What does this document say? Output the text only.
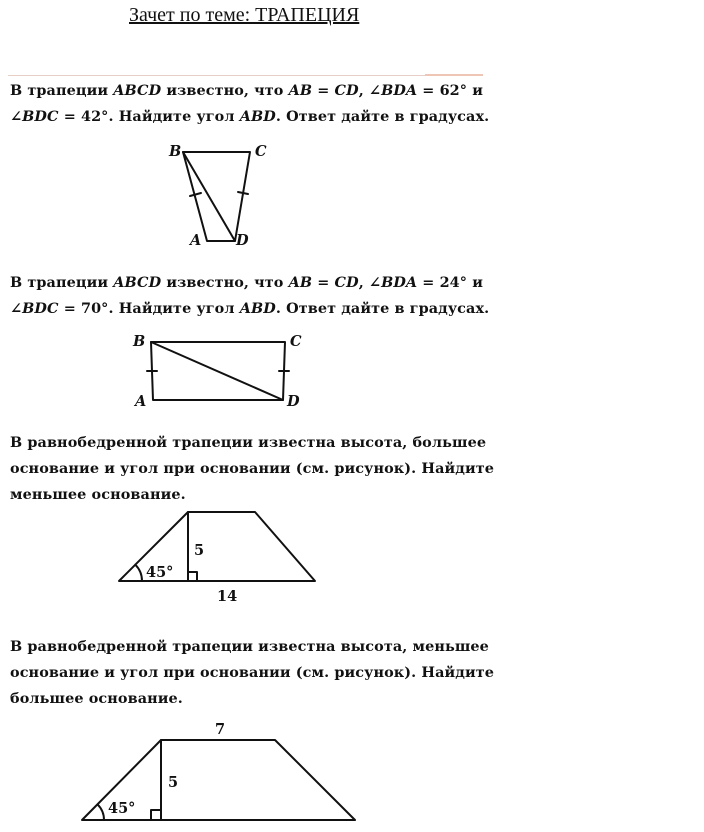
Зачет по теме: ТРАПЕЦИЯ

В трапеции ABCD известно, что AB = CD, ∠BDA = 62° и
∠BDC = 42°. Найдите угол ABD. Ответ дайте в градусах.

В трапеции ABCD известно, что AB = CD, ∠BDA = 24° и
∠BDC = 70°. Найдите угол ABD. Ответ дайте в градусах.

В равнобедренной трапеции известна высота, большее
основание и угол при основании (см. рисунок). Найдите
меньшее основание.

В равнобедренной трапеции известна высота, меньшее
основание и угол при основании (см. рисунок). Найдите
большее основание.

B	C
A D
B	C
A	D
5
14
45°
7
5
45°
